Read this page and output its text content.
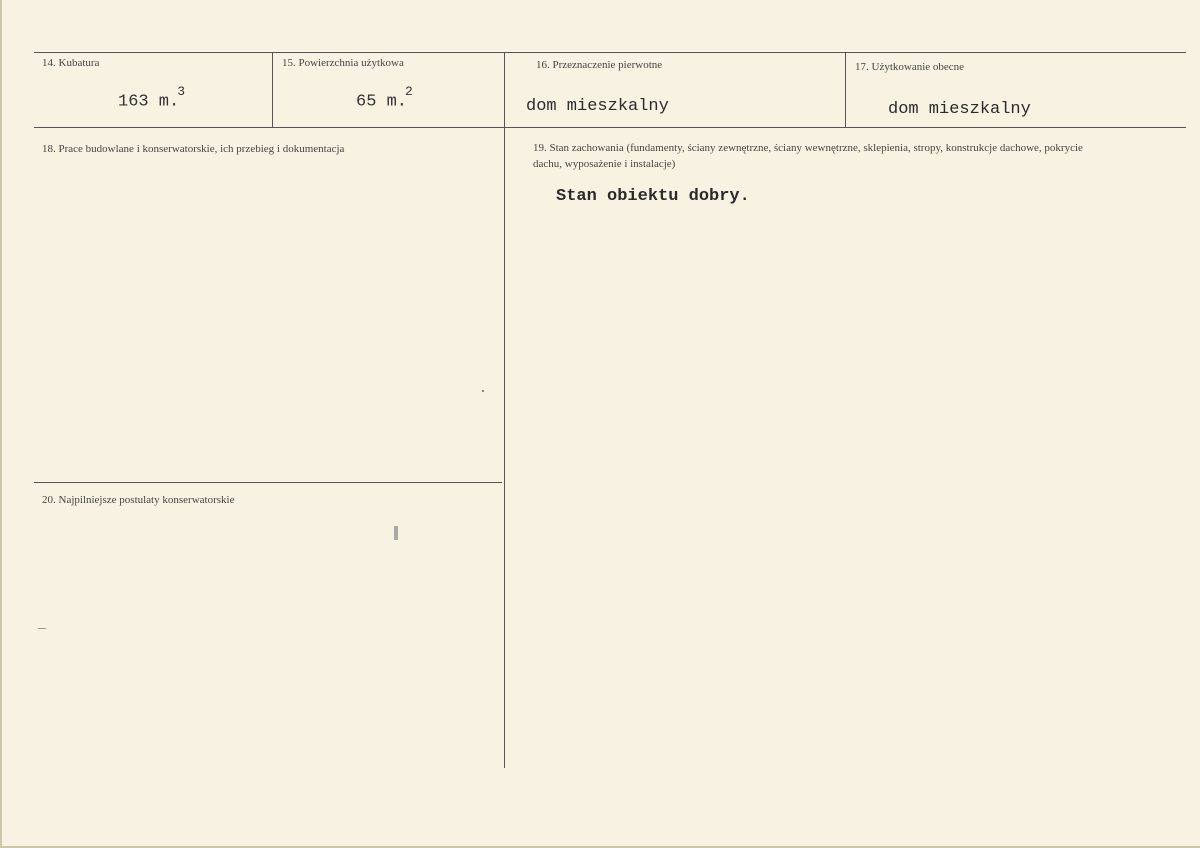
14. Kubatura
163 m.$^3$
15. Powierzchnia użytkowa
65 m.$^2$
16. Przeznaczenie pierwotne
dom mieszkalny
17. Użytkowanie obecne
dom mieszkalny
18. Prace budowlane i konserwatorskie, ich przebieg i dokumentacja	19. Stan zachowania (fundamenty, ściany zewnętrzne, ściany wewnętrzne, sklepienia, stropy, konstrukcje dachowe, pokrycie dachu, wyposażenie i instalacje)
Stan obiektu dobry.
20. Najpilniejsze postulaty konserwatorskie
